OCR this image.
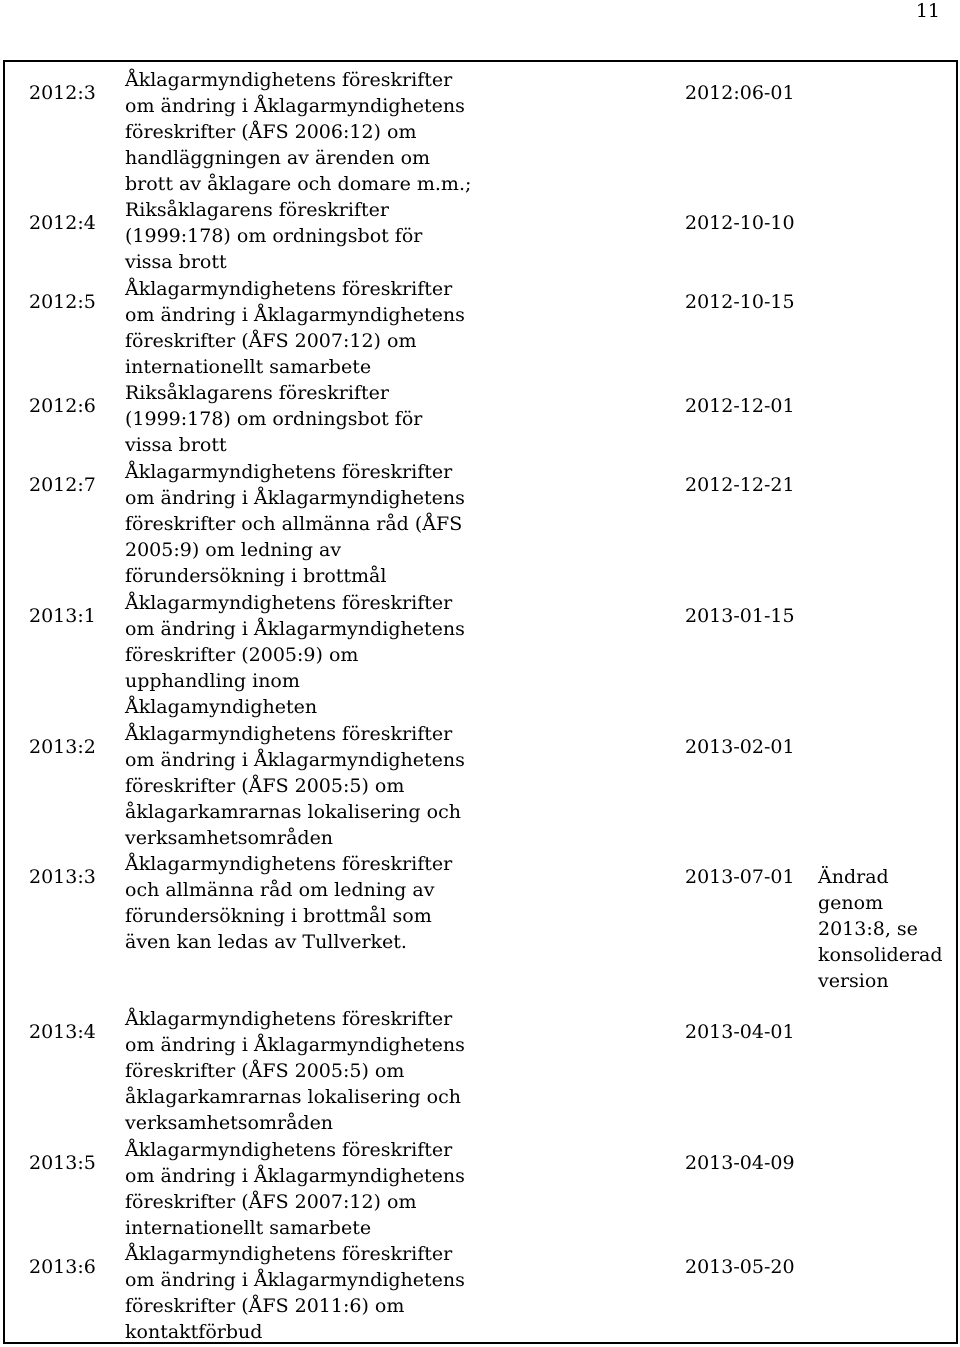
11
2012:3
Åklagarmyndighetens föreskrifter
om ändring i Åklagarmyndighetens
föreskrifter (ÅFS 2006:12) om
handläggningen av ärenden om
brott av åklagare och domare m.m.;
2012:06-01
2012:4
Riksåklagarens föreskrifter
(1999:178) om ordningsbot för
vissa brott
2012-10-10
2012:5
Åklagarmyndighetens föreskrifter
om ändring i Åklagarmyndighetens
föreskrifter (ÅFS 2007:12) om
internationellt samarbete
2012-10-15
2012:6
Riksåklagarens föreskrifter
(1999:178) om ordningsbot för
vissa brott
2012-12-01
2012:7
Åklagarmyndighetens föreskrifter
om ändring i Åklagarmyndighetens
föreskrifter och allmänna råd (ÅFS
2005:9) om ledning av
förundersökning i brottmål
2012-12-21
2013:1
Åklagarmyndighetens föreskrifter
om ändring i Åklagarmyndighetens
föreskrifter (2005:9) om
upphandling inom
Åklagamyndigheten
2013-01-15
2013:2
Åklagarmyndighetens föreskrifter
om ändring i Åklagarmyndighetens
föreskrifter (ÅFS 2005:5) om
åklagarkamrarnas lokalisering och
verksamhetsområden
2013-02-01
2013:3
Åklagarmyndighetens föreskrifter
och allmänna råd om ledning av
förundersökning i brottmål som
även kan ledas av Tullverket.
2013-07-01	Ändrad
genom
2013:8, se
konsoliderad
version
2013:4
Åklagarmyndighetens föreskrifter
om ändring i Åklagarmyndighetens
föreskrifter (ÅFS 2005:5) om
åklagarkamrarnas lokalisering och
verksamhetsområden
2013-04-01
2013:5
Åklagarmyndighetens föreskrifter
om ändring i Åklagarmyndighetens
föreskrifter (ÅFS 2007:12) om
internationellt samarbete
2013-04-09
2013:6
Åklagarmyndighetens föreskrifter
om ändring i Åklagarmyndighetens
föreskrifter (ÅFS 2011:6) om
kontaktförbud
2013-05-20
